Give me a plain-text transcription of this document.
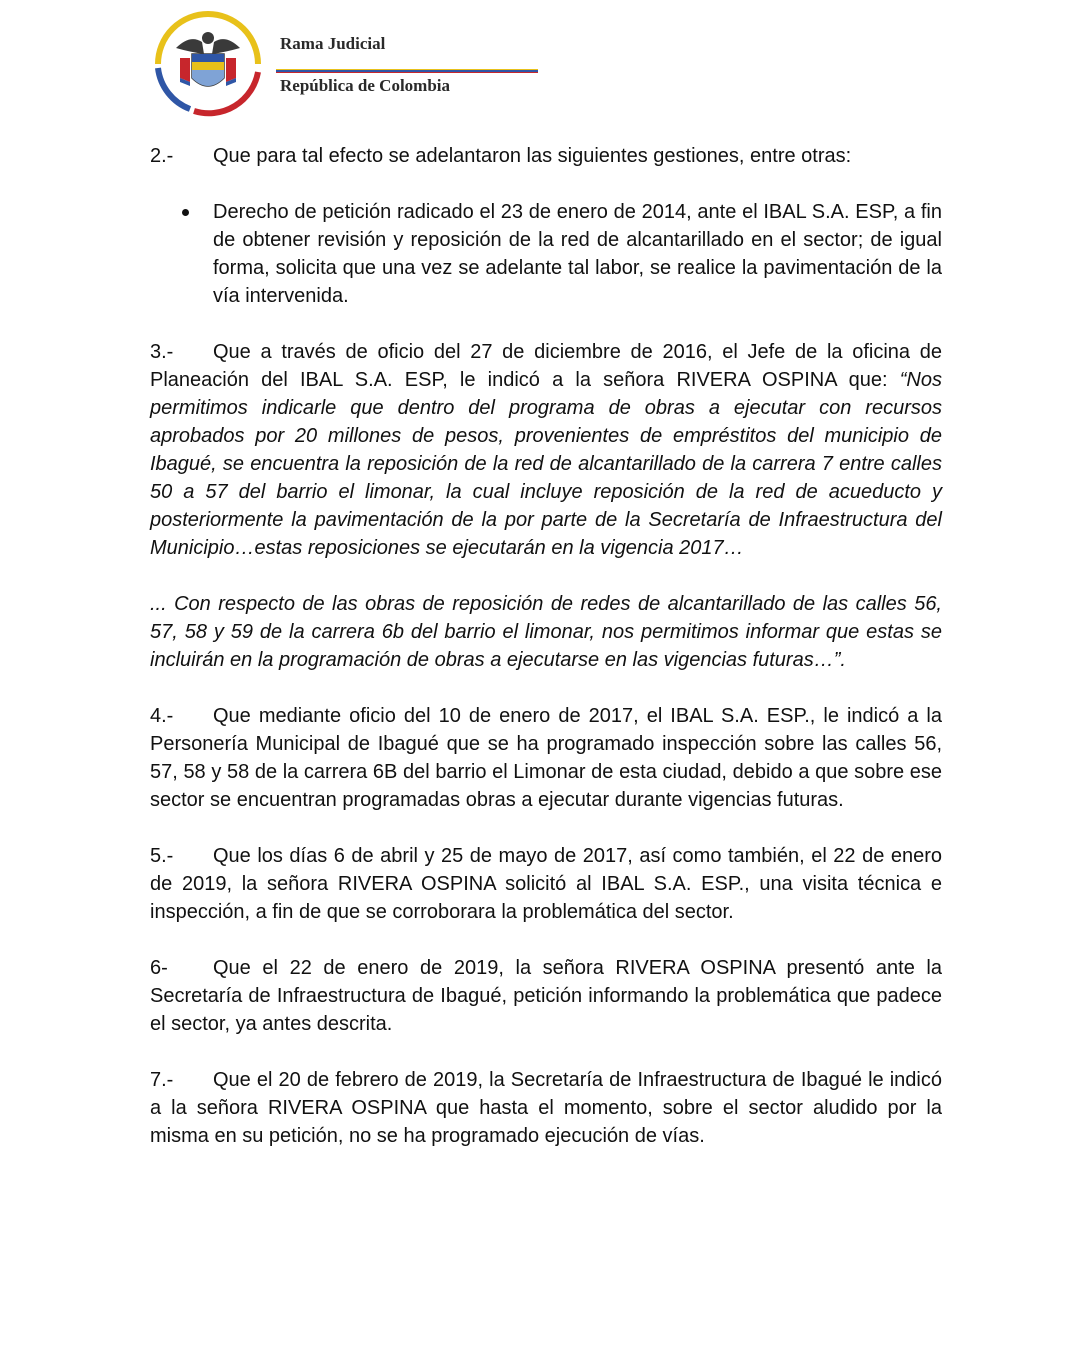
Rama Judicial
República de Colombia

2.- Que para tal efecto se adelantaron las siguientes gestiones, entre otras:

Derecho de petición radicado el 23 de enero de 2014, ante el IBAL S.A. ESP, a fin de obtener revisión y reposición de la red de alcantarillado en el sector; de igual forma, solicita que una vez se adelante tal labor, se realice la pavimentación de la vía intervenida.

3.- Que a través de oficio del 27 de diciembre de 2016, el Jefe de la oficina de Planeación del IBAL S.A. ESP, le indicó a la señora RIVERA OSPINA que: “Nos permitimos indicarle que dentro del programa de obras a ejecutar con recursos aprobados por 20 millones de pesos, provenientes de empréstitos del municipio de Ibagué, se encuentra la reposición de la red de alcantarillado de la carrera 7 entre calles 50 a 57 del barrio el limonar, la cual incluye reposición de la red de acueducto y posteriormente la pavimentación de la por parte de la Secretaría de Infraestructura del Municipio…estas reposiciones se ejecutarán en la vigencia 2017…

... Con respecto de las obras de reposición de redes de alcantarillado de las calles 56, 57, 58 y 59 de la carrera 6b del barrio el limonar, nos permitimos informar que estas se incluirán en la programación de obras a ejecutarse en las vigencias futuras…”.

4.- Que mediante oficio del 10 de enero de 2017, el IBAL S.A. ESP., le indicó a la Personería Municipal de Ibagué que se ha programado inspección sobre las calles 56, 57, 58 y 58 de la carrera 6B del barrio el Limonar de esta ciudad, debido a que sobre ese sector se encuentran programadas obras a ejecutar durante vigencias futuras.

5.- Que los días 6 de abril y 25 de mayo de 2017, así como también, el 22 de enero de 2019, la señora RIVERA OSPINA solicitó al IBAL S.A. ESP., una visita técnica e inspección, a fin de que se corroborara la problemática del sector.

6- Que el 22 de enero de 2019, la señora RIVERA OSPINA presentó ante la Secretaría de Infraestructura de Ibagué, petición informando la problemática que padece el sector, ya antes descrita.

7.- Que el 20 de febrero de 2019, la Secretaría de Infraestructura de Ibagué le indicó a la señora RIVERA OSPINA que hasta el momento, sobre el sector aludido por la misma en su petición, no se ha programado ejecución de vías.
